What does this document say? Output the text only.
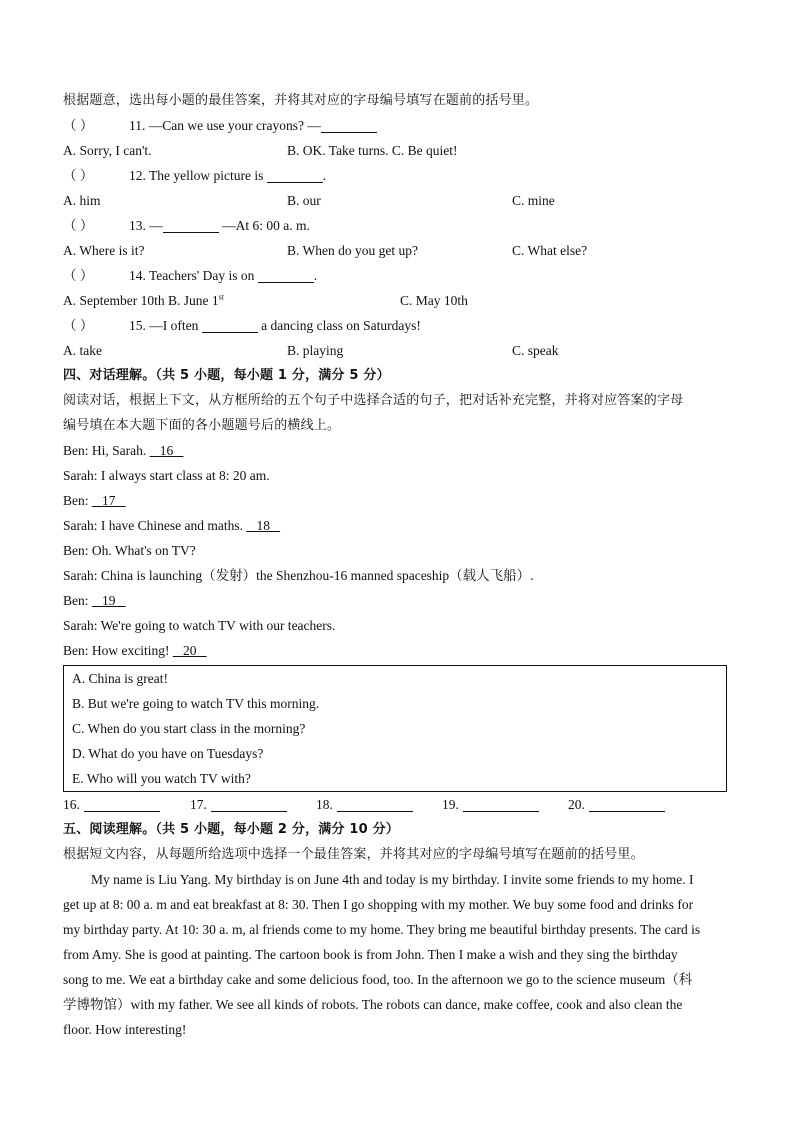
根据题意，选出每小题的最佳答案，并将其对应的字母编号填写在题前的括号里。
（ ）	11. —Can we use your crayons? —
A. Sorry, I can't.	B. OK. Take turns. C. Be quiet!
（ ）	12. The yellow picture is	.
A. him	B. our	C. mine
（ ）	13. —	—At 6: 00 a. m.
A. Where is it?	B. When do you get up?	C. What else?
（ ）	14. Teachers' Day is on	.
A. September 10th B. June 1st	C. May 10th
（ ）	15. —I often	a dancing class on Saturdays!
A. take	B. playing	C. speak
四、对话理解。（共 5 小题，每小题 1 分，满分 5 分）
阅读对话，根据上下文，从方框所给的五个句子中选择合适的句子，把对话补充完整，并将对应答案的字母
编号填在本大题下面的各小题题号后的横线上。
Ben: Hi, Sarah.    16
Sarah: I always start class at 8: 20 am.
Ben:    17
Sarah: I have Chinese and maths.    18
Ben: Oh. What's on TV?
Sarah: China is launching（发射）the Shenzhou-16 manned spaceship（载人飞船）.
Ben:    19
Sarah: We're going to watch TV with our teachers.
Ben: How exciting!    20
A. China is great!
B. But we're going to watch TV this morning.
C. When do you start class in the morning?
D. What do you have on Tuesdays?
E. Who will you watch TV with?
16.	17.	18.	19.	20.
五、阅读理解。（共 5 小题，每小题 2 分，满分 10 分）
根据短文内容，从每题所给选项中选择一个最佳答案，并将其对应的字母编号填写在题前的括号里。
My name is Liu Yang. My birthday is on June 4th and today is my birthday. I invite some friends to my home. I
get up at 8: 00 a. m and eat breakfast at 8: 30. Then I go shopping with my mother. We buy some food and drinks for
my birthday party. At 10: 30 a. m, al friends come to my home. They bring me beautiful birthday presents. The card is
from Amy. She is good at painting. The cartoon book is from John. Then I make a wish and they sing the birthday
song to me. We eat a birthday cake and some delicious food, too. In the afternoon we go to the science museum（科
学博物馆）with my father. We see all kinds of robots. The robots can dance, make coffee, cook and also clean the
floor. How interesting!
